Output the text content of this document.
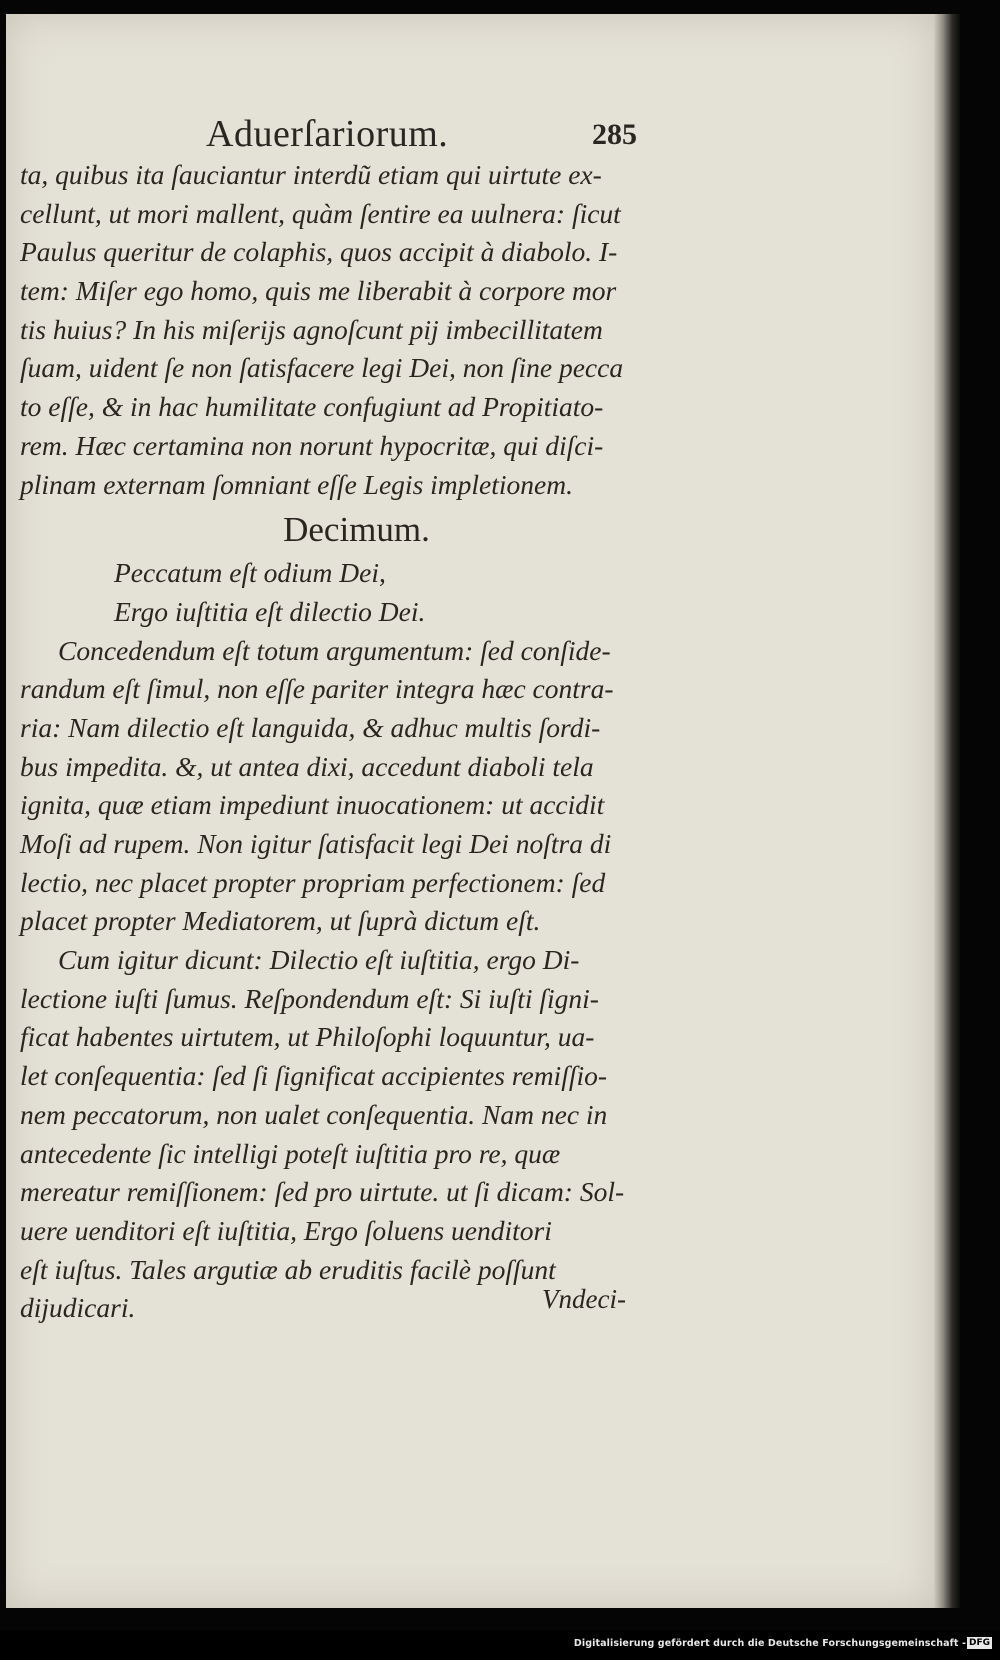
Aduerſariorum.	285
ta, quibus ita ſauciantur interdũ etiam qui uirtute ex-
cellunt, ut mori mallent, quàm ſentire ea uulnera: ſicut
Paulus queritur de colaphis, quos accipit à diabolo. I-
tem: Miſer ego homo, quis me liberabit à corpore mor
tis huius? In his miſerijs agnoſcunt pij imbecillitatem
ſuam, uident ſe non ſatisfacere legi Dei, non ſine pecca
to eſſe, & in hac humilitate confugiunt ad Propitiato-
rem. Hæc certamina non norunt hypocritæ, qui diſci-
plinam externam ſomniant eſſe Legis impletionem.
Decimum.
Peccatum eſt odium Dei,
Ergo iuſtitia eſt dilectio Dei.
Concedendum eſt totum argumentum: ſed conſide-
randum eſt ſimul, non eſſe pariter integra hæc contra-
ria: Nam dilectio eſt languida, & adhuc multis ſordi-
bus impedita. &, ut antea dixi, accedunt diaboli tela
ignita, quæ etiam impediunt inuocationem: ut accidit
Moſi ad rupem. Non igitur ſatisfacit legi Dei noſtra di
lectio, nec placet propter propriam perfectionem: ſed
placet propter Mediatorem, ut ſuprà dictum eſt.
Cum igitur dicunt: Dilectio eſt iuſtitia, ergo Di-
lectione iuſti ſumus. Reſpondendum eſt: Si iuſti ſigni-
ficat habentes uirtutem, ut Philoſophi loquuntur, ua-
let conſequentia: ſed ſi ſignificat accipientes remiſſio-
nem peccatorum, non ualet conſequentia. Nam nec in
antecedente ſic intelligi poteſt iuſtitia pro re, quæ
mereatur remiſſionem: ſed pro uirtute. ut ſi dicam: Sol-
uere uenditori eſt iuſtitia, Ergo ſoluens uenditori
eſt iuſtus. Tales argutiæ ab eruditis facilè poſſunt
dijudicari.	Vndeci-
Digitalisierung gefördert durch die Deutsche Forschungsgemeinschaft - DFG
